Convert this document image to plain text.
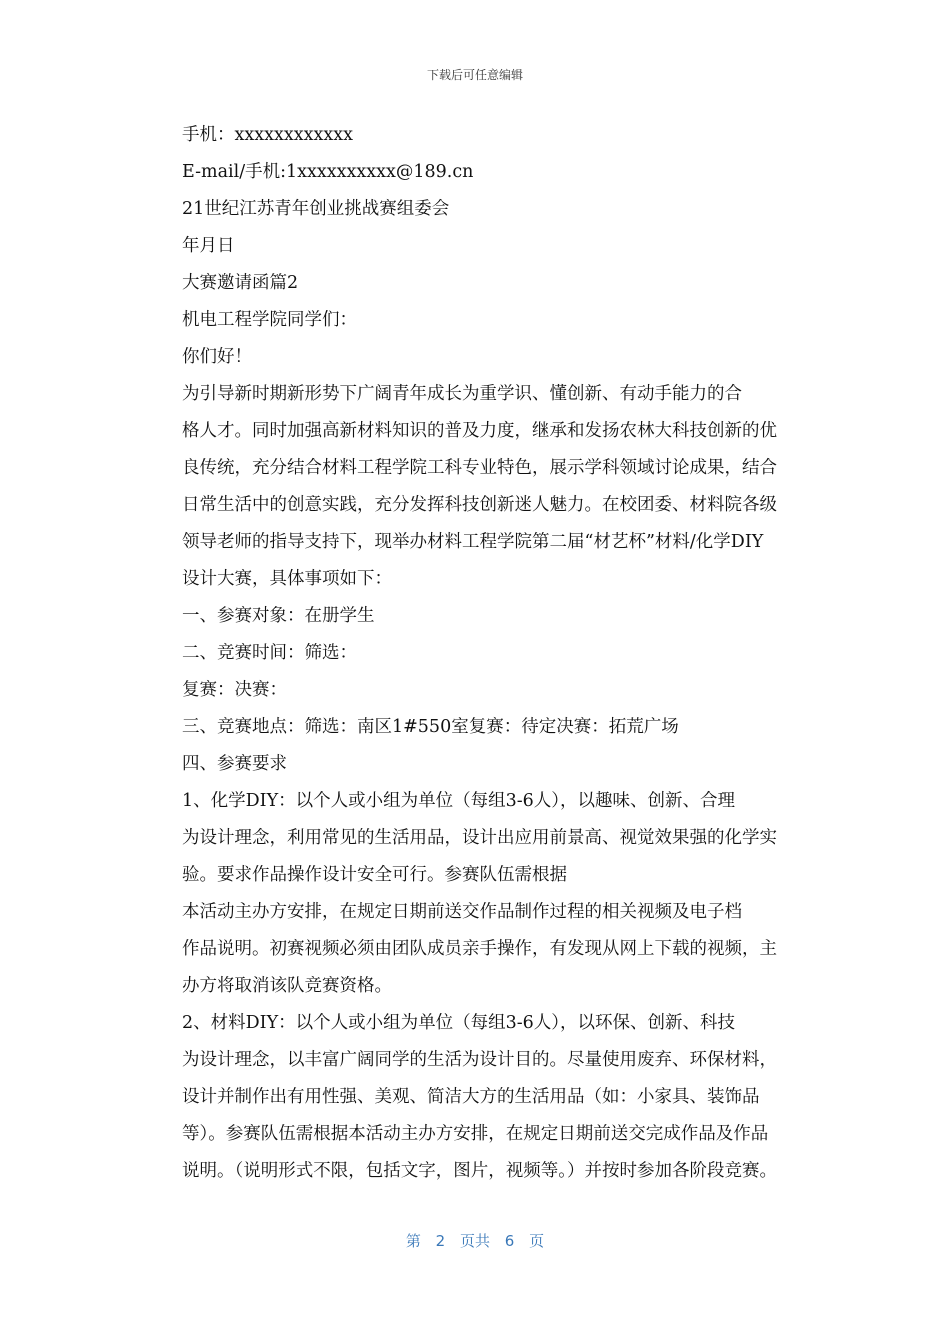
下载后可任意编辑

手机：xxxxxxxxxxxx

E-mail/手机:1xxxxxxxxxx@189.cn

21世纪江苏青年创业挑战赛组委会

年月日

大赛邀请函篇2

机电工程学院同学们：

你们好！

为引导新时期新形势下广阔青年成长为重学识、懂创新、有动手能力的合
格人才。同时加强高新材料知识的普及力度，继承和发扬农林大科技创新的优
良传统，充分结合材料工程学院工科专业特色，展示学科领域讨论成果，结合
日常生活中的创意实践，充分发挥科技创新迷人魅力。在校团委、材料院各级
领导老师的指导支持下，现举办材料工程学院第二届“材艺杯”材料/化学DIY
设计大赛，具体事项如下：

一、参赛对象：在册学生

二、竞赛时间：筛选：

复赛：决赛：

三、竞赛地点：筛选：南区1#550室复赛：待定决赛：拓荒广场

四、参赛要求

1、化学DIY：以个人或小组为单位（每组3-6人），以趣味、创新、合理
为设计理念，利用常见的生活用品，设计出应用前景高、视觉效果强的化学实
验。要求作品操作设计安全可行。参赛队伍需根据

本活动主办方安排，在规定日期前送交作品制作过程的相关视频及电子档
作品说明。初赛视频必须由团队成员亲手操作，有发现从网上下载的视频，主
办方将取消该队竞赛资格。

2、材料DIY：以个人或小组为单位（每组3-6人），以环保、创新、科技
为设计理念，以丰富广阔同学的生活为设计目的。尽量使用废弃、环保材料，
设计并制作出有用性强、美观、简洁大方的生活用品（如：小家具、装饰品
等）。参赛队伍需根据本活动主办方安排，在规定日期前送交完成作品及作品
说明。（说明形式不限，包括文字，图片，视频等。）并按时参加各阶段竞赛。

第 2 页共 6 页
